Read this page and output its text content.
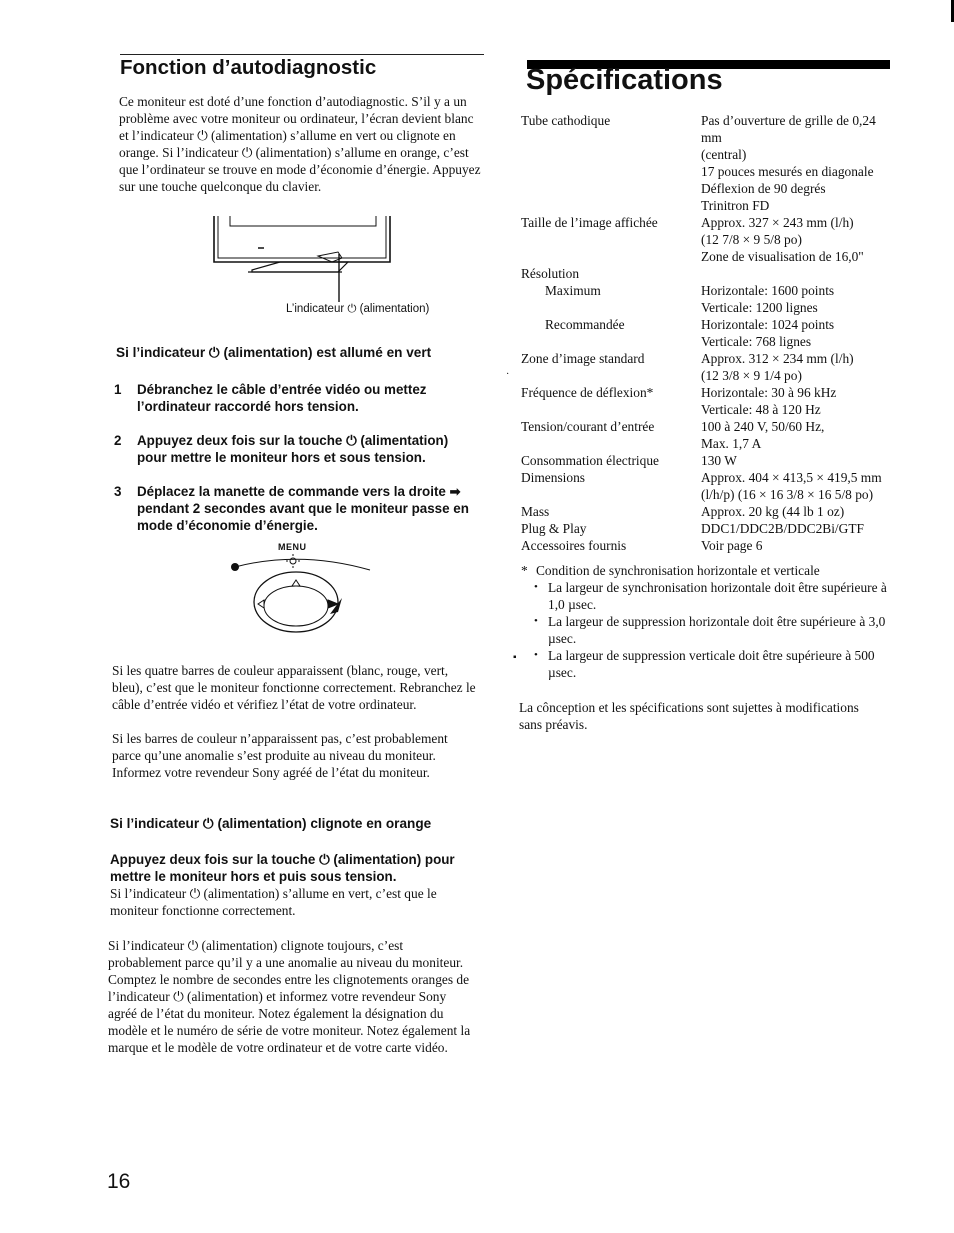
Fonction d’autodiagnostic

Ce moniteur est doté d’une fonction d’autodiagnostic. S’il y a un problème avec votre moniteur ou ordinateur, l’écran devient blanc et l’indicateur ⏻ (alimentation) s’allume en vert ou clignote en orange. Si l’indicateur ⏻ (alimentation) s’allume en orange, c’est que l’ordinateur se trouve en mode d’économie d’énergie. Appuyez sur une touche quelconque du clavier.

L’indicateur ⏻ (alimentation)
·
Si l’indicateur ⏻ (alimentation) est allumé en vert
1 Débranchez le câble d’entrée vidéo ou mettez l’ordinateur raccordé hors tension.
2 Appuyez deux fois sur la touche ⏻ (alimentation) pour mettre le moniteur hors et sous tension.
3 Déplacez la manette de commande vers la droite ➡ pendant 2 secondes avant que le moniteur passe en mode d’économie d’énergie.
MENU

Si les quatre barres de couleur apparaissent (blanc, rouge, vert, bleu), c’est que le moniteur fonctionne correctement. Rebranchez le câble d’entrée vidéo et vérifiez l’état de votre ordinateur.

Si les barres de couleur n’apparaissent pas, c’est probablement parce qu’une anomalie s’est produite au niveau du moniteur. Informez votre revendeur Sony agréé de l’état du moniteur.

Si l’indicateur ⏻ (alimentation) clignote en orange

Appuyez deux fois sur la touche ⏻ (alimentation) pour mettre le moniteur hors et puis sous tension.

Si l’indicateur ⏻ (alimentation) s’allume en vert, c’est que le moniteur fonctionne correctement.

Si l’indicateur ⏻ (alimentation) clignote toujours, c’est probablement parce qu’il y a une anomalie au niveau du moniteur. Comptez le nombre de secondes entre les clignotements oranges de l’indicateur ⏻ (alimentation) et informez votre revendeur Sony agréé de l’état du moniteur. Notez également la désignation du modèle et le numéro de série de votre moniteur. Notez également la marque et le modèle de votre ordinateur et de votre carte vidéo.

16
Spécifications
Tube cathodique	Pas d’ouverture de grille de 0,24 mm
(central)
17 pouces mesurés en diagonale
Déflexion de 90 degrés
Trinitron FD

Taille de l’image affichée	Approx. 327 × 243 mm (l/h)
(12 7/8 × 9 5/8 po)
Zone de visualisation de 16,0"

Résolution	

Maximum	Horizontale: 1600 points
Verticale: 1200 lignes

Recommandée	Horizontale: 1024 points
Verticale: 768 lignes

Zone d’image standard	Approx. 312 × 234 mm (l/h)
(12 3/8 × 9 1/4 po)

Fréquence de déflexion*	Horizontale: 30 à 96 kHz
Verticale: 48 à 120 Hz

Tension/courant d’entrée	100 à 240 V, 50/60 Hz,
Max. 1,7 A

Consommation électrique	130 W

Dimensions	Approx. 404 × 413,5 × 419,5 mm
(l/h/p) (16 × 16 3/8 × 16 5/8 po)

Mass	Approx. 20 kg (44 lb 1 oz)

Plug & Play	DDC1/DDC2B/DDC2Bi/GTF

Accessoires fournis	Voir page 6
▪

* Condition de synchronisation horizontale et verticale

• La largeur de synchronisation horizontale doit être supérieure à 1,0 µsec.
• La largeur de suppression horizontale doit être supérieure à 3,0 µsec.
• La largeur de suppression verticale doit être supérieure à 500 µsec.

La cônception et les spécifications sont sujettes à modifications sans préavis.
